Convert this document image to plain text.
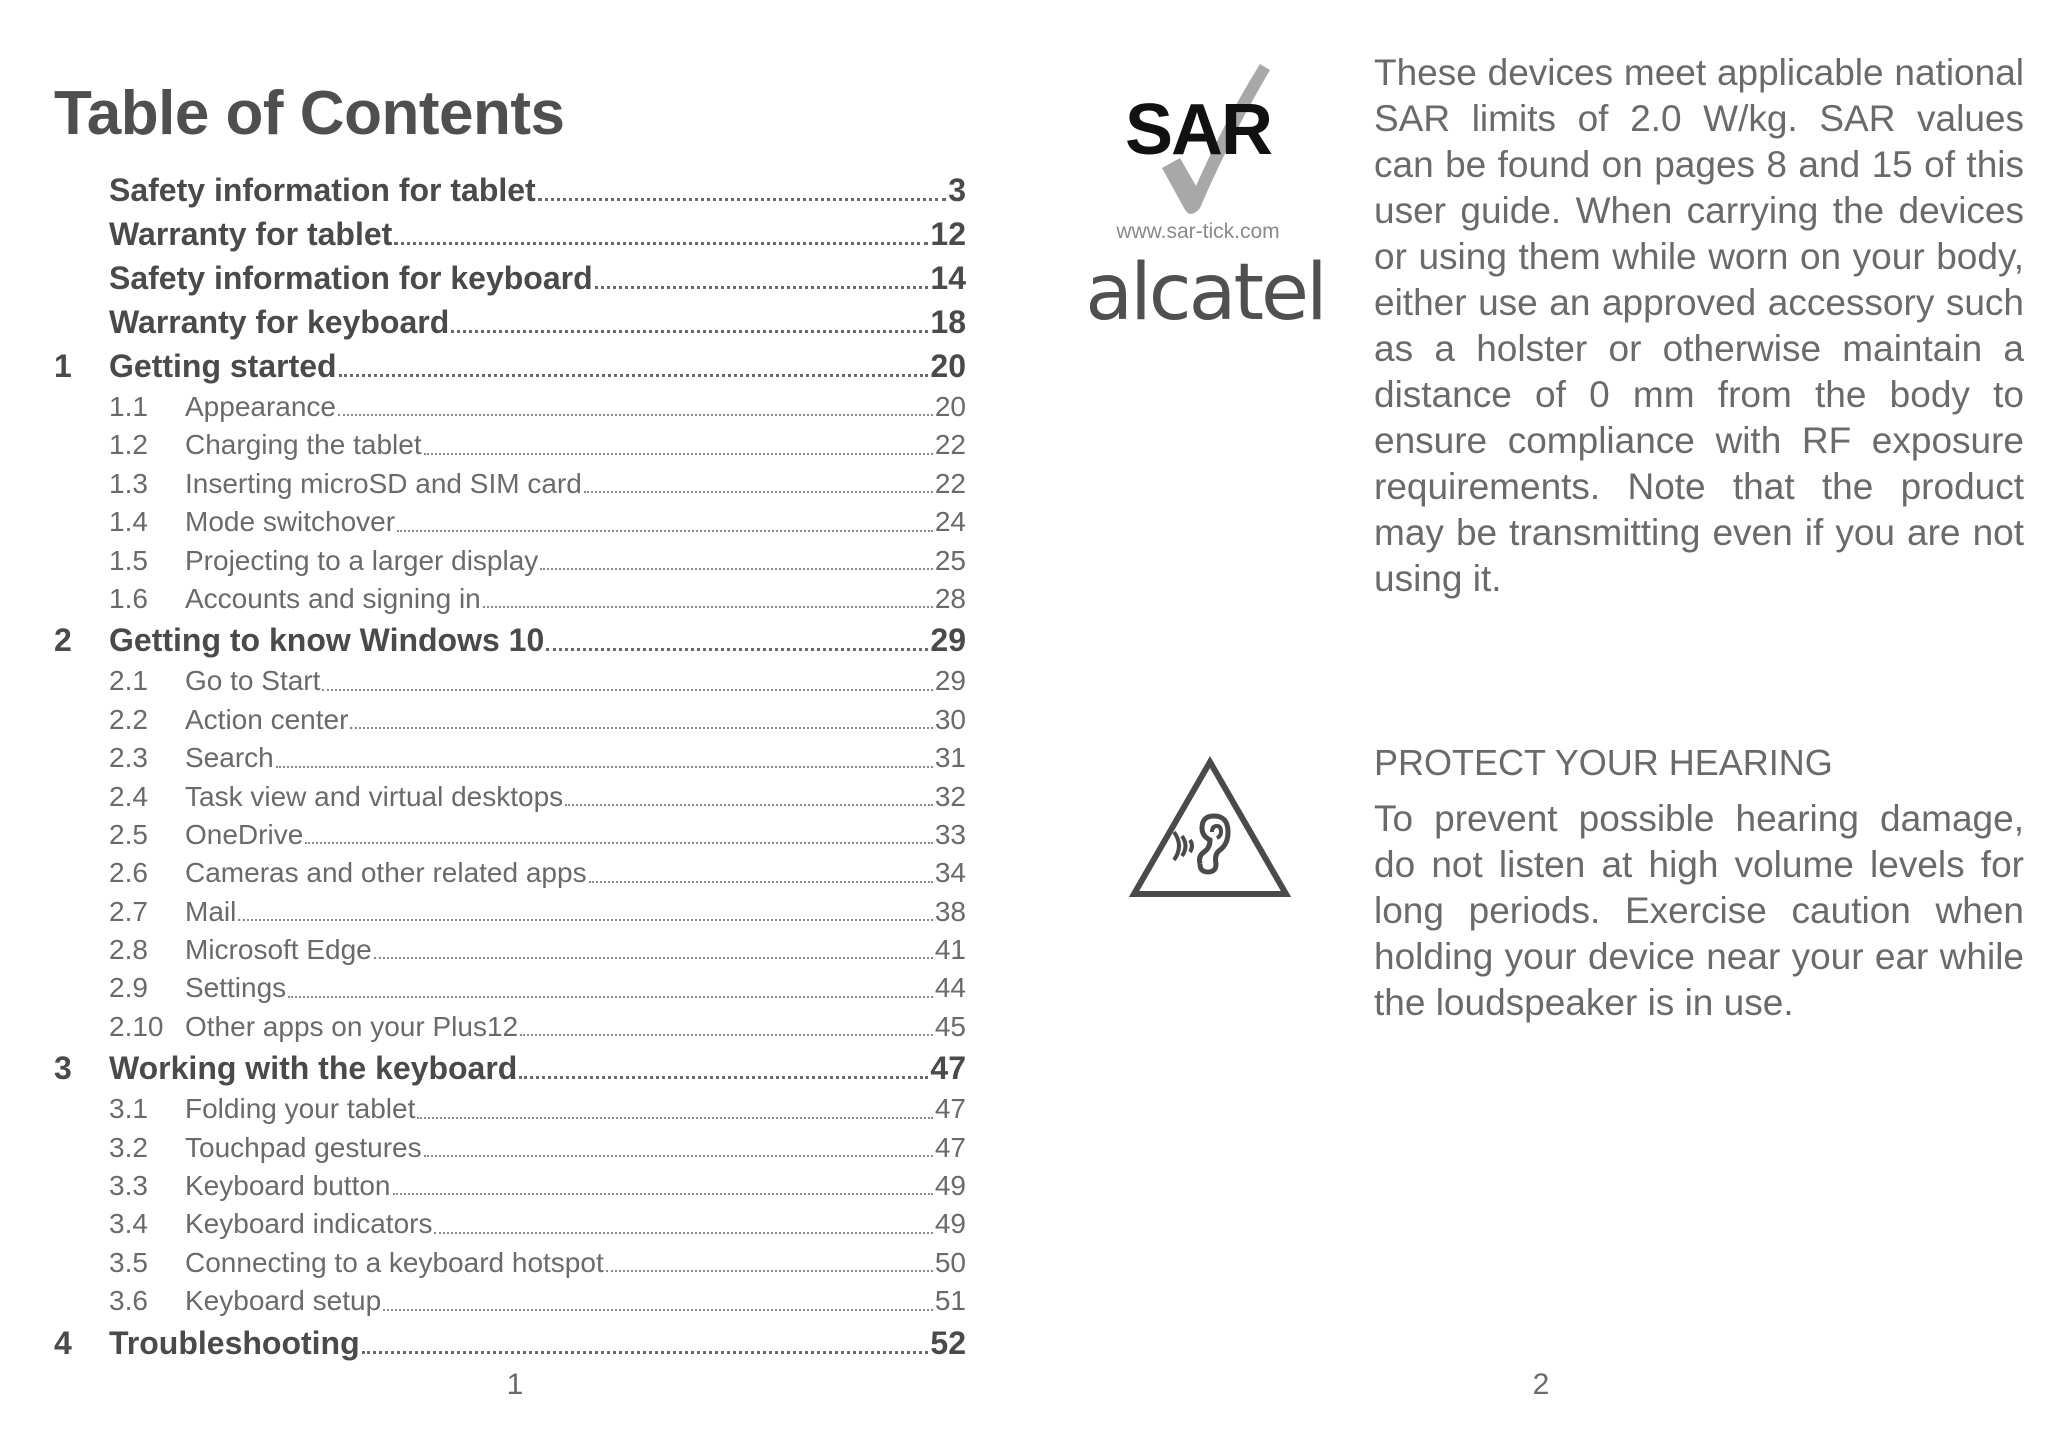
Table of Contents
Safety information for tablet	3
Warranty for tablet	12
Safety information for keyboard	14
Warranty for keyboard	18
1	Getting started	20
1.1	Appearance	20
1.2	Charging the tablet	22
1.3	Inserting microSD and SIM card	22
1.4	Mode switchover	24
1.5	Projecting to a larger display	25
1.6	Accounts and signing in	28
2	Getting to know Windows 10	29
2.1	Go to Start	29
2.2	Action center	30
2.3	Search	31
2.4	Task view and virtual desktops	32
2.5	OneDrive	33
2.6	Cameras and other related apps	34
2.7	Mail	38
2.8	Microsoft Edge	41
2.9	Settings	44
2.10 Other apps on your Plus12	45
3	Working with the keyboard	47
3.1	Folding your tablet	47
3.2	Touchpad gestures	47
3.3	Keyboard button	49
3.4	Keyboard indicators	49
3.5	Connecting to a keyboard hotspot	50
3.6	Keyboard setup	51
4	Troubleshooting	52
1
SAR
www.sar-tick.com
alcatel

These devices meet applicable national SAR limits of 2.0 W/kg. SAR values can be found on pages 8 and 15 of this user guide. When carrying the devices or using them while worn on your body, either use an approved accessory such as a holster or otherwise maintain a distance of 0 mm from the body to ensure compliance with RF exposure requirements. Note that the product may be transmitting even if you are not using it.

PROTECT YOUR HEARING

To prevent possible hearing damage, do not listen at high volume levels for long periods. Exercise caution when holding your device near your ear while the loudspeaker is in use.

2
